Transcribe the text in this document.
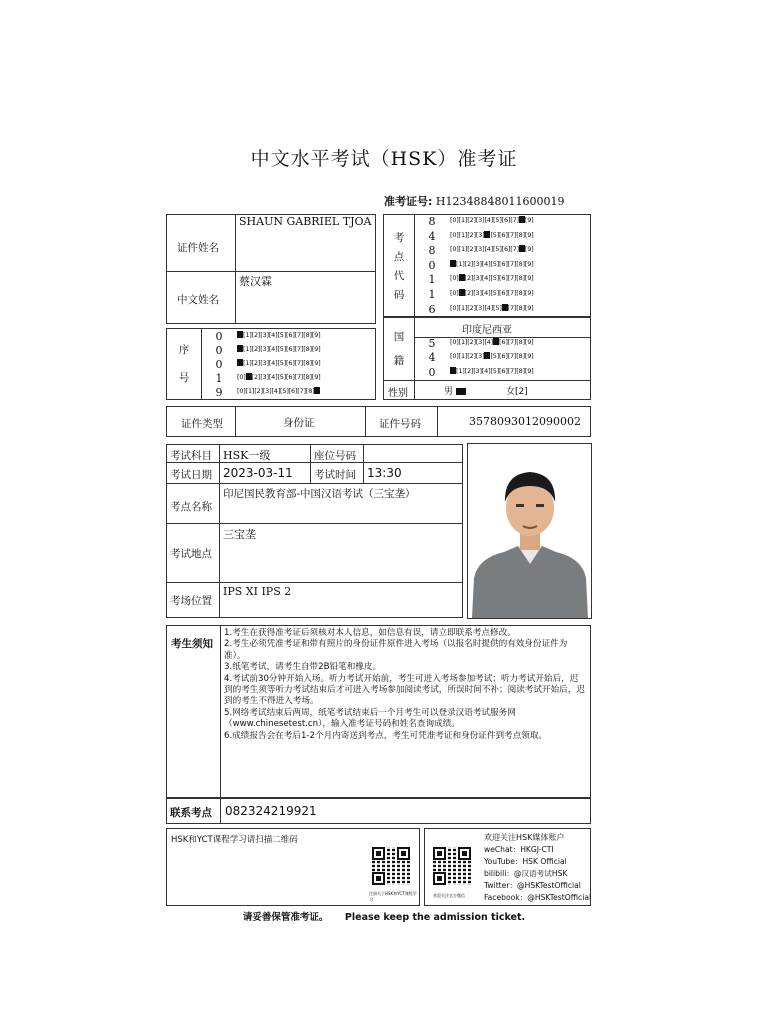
中文水平考试（HSK）准考证
准考证号: H12348848011600019
证件姓名
SHAUN GABRIEL TJOA
中文姓名
蔡汉霖
序
号
0	[1][2][3][4][5][6][7][8][9]
0	[1][2][3][4][5][6][7][8][9]
0	[1][2][3][4][5][6][7][8][9]
1	[0] [2][3][4][5][6][7][8][9]
9	[0][1][2][3][4][5][6][7][8]
考
点
代
码
8	[0][1][2][3][4][5][6][7] [9]
4	[0][1][2][3] [5][6][7][8][9]
8	[0][1][2][3][4][5][6][7] [9]
0	[1][2][3][4][5][6][7][8][9]
1	[0] [2][3][4][5][6][7][8][9]
1	[0] [2][3][4][5][6][7][8][9]
6	[0][1][2][3][4][5] [7][8][9]
国
籍
印度尼西亚
5	[0][1][2][3][4] [6][7][8][9]
4	[0][1][2][3] [5][6][7][8][9]
0	[1][2][3][4][5][6][7][8][9]
性别	男	女[2]
证件类型	身份证	证件号码	3578093012090002
考试科目 HSK一级	座位号码
考试日期 2023-03-11 考试时间 13:30
考点名称
印尼国民教育部-中国汉语考试（三宝垄）
考试地点
三宝垄
考场位置
IPS XI IPS 2
考生须知

1.考生在获得准考证后须核对本人信息，如信息有误，请立即联系考点修改。

2.考生必须凭准考证和带有照片的身份证件原件进入考场（以报名时提供的有效身份证件为准）。

3.纸笔考试，请考生自带2B铅笔和橡皮。

4.考试前30分钟开始入场。听力考试开始前，考生可进入考场参加考试；听力考试开始后，迟到的考生须等听力考试结束后才可进入考场参加阅读考试，所误时间不补；阅读考试开始后，迟到的考生不得进入考场。

5.网络考试结束后两周，纸笔考试结束后一个月考生可以登录汉语考试服务网（www.chinesetest.cn），输入准考证号码和姓名查询成绩。

6.成绩报告会在考后1-2个月内寄送到考点，考生可凭准考证和身份证件到考点领取。

联系考点 082324219921
HSK和YCT课程学习请扫描二维码
注册关于HSK和YCT课程学习
欢迎关注官方微信
欢迎关注HSK媒体账户
weChat：HKGJ-CTI
YouTube：HSK Official
bilibili：@汉语考试HSK
Twitter：@HSKTestOfficial
Facebook：@HSKTestOfficial
请妥善保管准考证。 Please keep the admission ticket.
